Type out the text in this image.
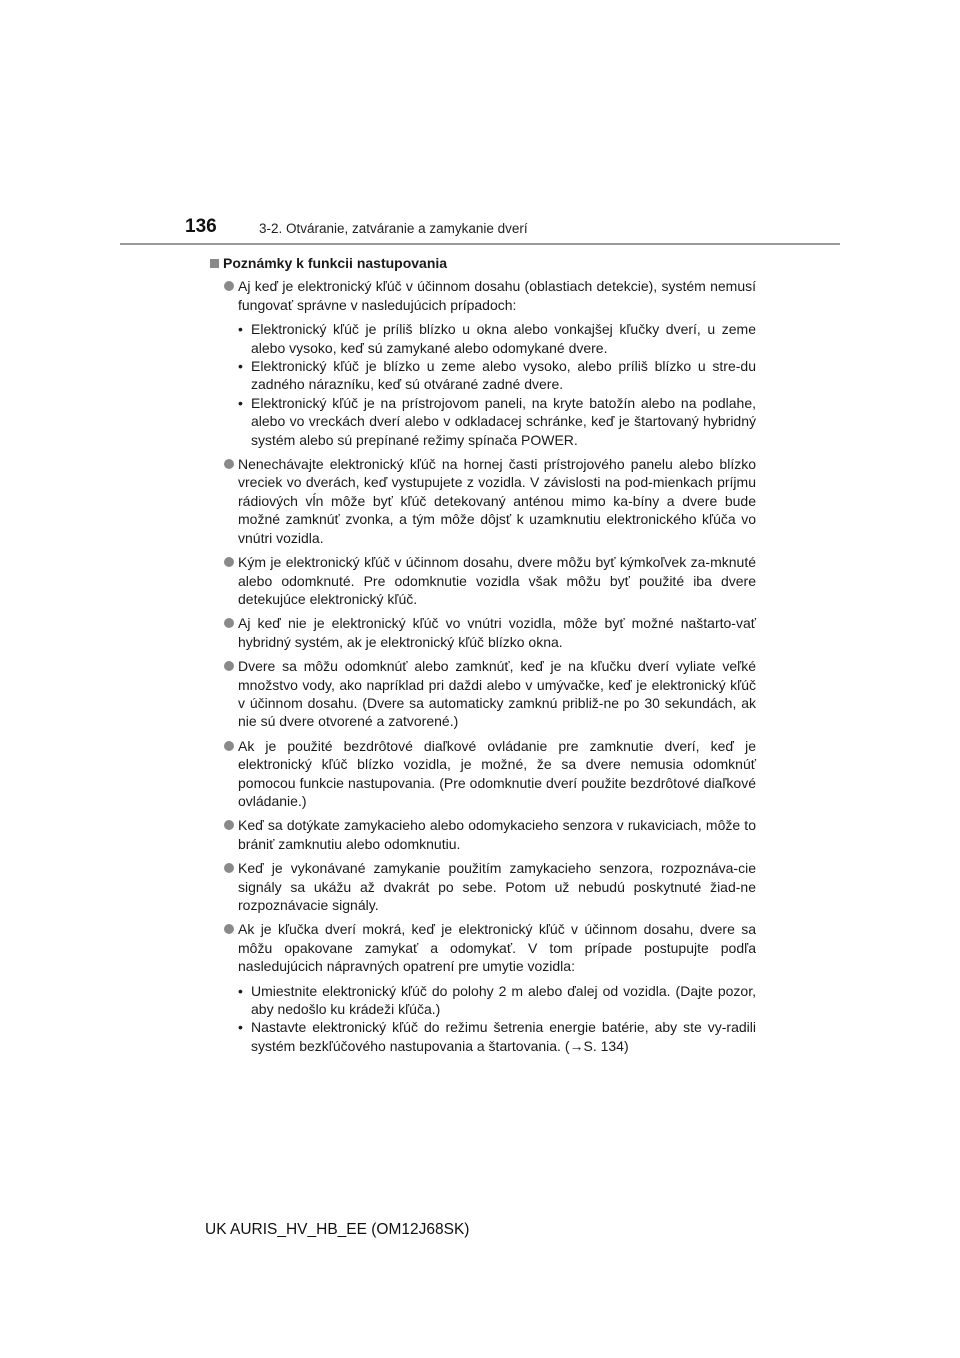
136	3-2. Otváranie, zatváranie a zamykanie dverí
Poznámky k funkcii nastupovania
Aj keď je elektronický kľúč v účinnom dosahu (oblastiach detekcie), systém nemusí fungovať správne v nasledujúcich prípadoch:
• Elektronický kľúč je príliš blízko u okna alebo vonkajšej kľučky dverí, u zeme alebo vysoko, keď sú zamykané alebo odomykané dvere.
• Elektronický kľúč je blízko u zeme alebo vysoko, alebo príliš blízko u stre-du zadného nárazníku, keď sú otvárané zadné dvere.
• Elektronický kľúč je na prístrojovom paneli, na kryte batožín alebo na podlahe, alebo vo vreckách dverí alebo v odkladacej schránke, keď je štartovaný hybridný systém alebo sú prepínané režimy spínača POWER.
Nenechávajte elektronický kľúč na hornej časti prístrojového panelu alebo blízko vreciek vo dverách, keď vystupujete z vozidla. V závislosti na pod-mienkach príjmu rádiových vĺn môže byť kľúč detekovaný anténou mimo ka-bíny a dvere bude možné zamknúť zvonka, a tým môže dôjsť k uzamknutiu elektronického kľúča vo vnútri vozidla.
Kým je elektronický kľúč v účinnom dosahu, dvere môžu byť kýmkoľvek za-mknuté alebo odomknuté. Pre odomknutie vozidla však môžu byť použité iba dvere detekujúce elektronický kľúč.
Aj keď nie je elektronický kľúč vo vnútri vozidla, môže byť možné naštarto-vať hybridný systém, ak je elektronický kľúč blízko okna.
Dvere sa môžu odomknúť alebo zamknúť, keď je na kľučku dverí vyliate veľké množstvo vody, ako napríklad pri daždi alebo v umývačke, keď je elektronický kľúč v účinnom dosahu. (Dvere sa automaticky zamknú približ-ne po 30 sekundách, ak nie sú dvere otvorené a zatvorené.)
Ak je použité bezdrôtové diaľkové ovládanie pre zamknutie dverí, keď je elektronický kľúč blízko vozidla, je možné, že sa dvere nemusia odomknúť pomocou funkcie nastupovania. (Pre odomknutie dverí použite bezdrôtové diaľkové ovládanie.)
Keď sa dotýkate zamykacieho alebo odomykacieho senzora v rukaviciach, môže to brániť zamknutiu alebo odomknutiu.
Keď je vykonávané zamykanie použitím zamykacieho senzora, rozpoznáva-cie signály sa ukážu až dvakrát po sebe. Potom už nebudú poskytnuté žiad-ne rozpoznávacie signály.
Ak je kľučka dverí mokrá, keď je elektronický kľúč v účinnom dosahu, dvere sa môžu opakovane zamykať a odomykať. V tom prípade postupujte podľa nasledujúcich nápravných opatrení pre umytie vozidla:
• Umiestnite elektronický kľúč do polohy 2 m alebo ďalej od vozidla. (Dajte pozor, aby nedošlo ku krádeži kľúča.)
• Nastavte elektronický kľúč do režimu šetrenia energie batérie, aby ste vy-radili systém bezkľúčového nastupovania a štartovania. (→S. 134)
UK AURIS_HV_HB_EE (OM12J68SK)
